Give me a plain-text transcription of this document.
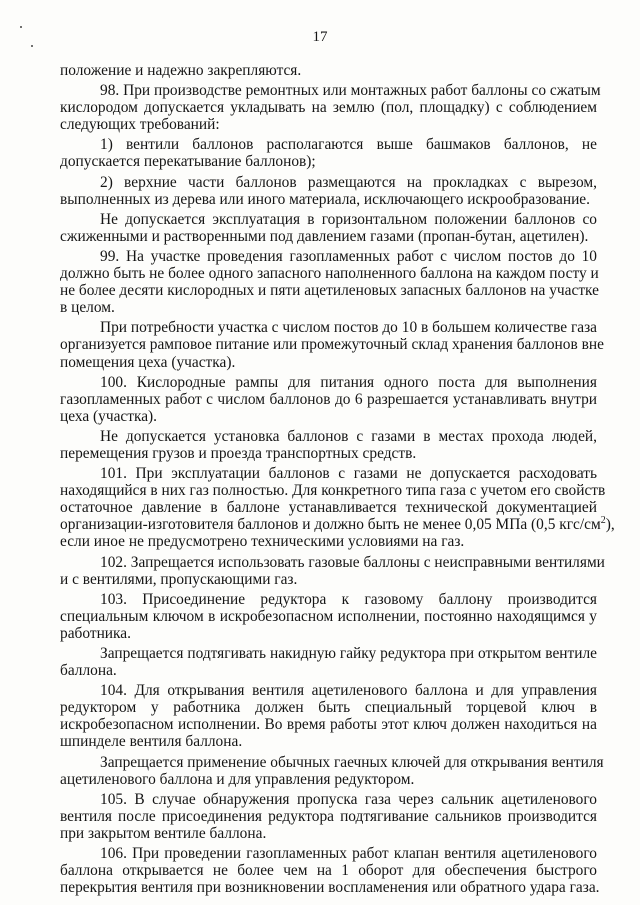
17
положение и надежно закрепляются.
98. При производстве ремонтных или монтажных работ баллоны со сжатым
кислородом допускается укладывать на землю (пол, площадку) с соблюдением
следующих требований:
1) вентили баллонов располагаются выше башмаков баллонов, не
допускается перекатывание баллонов);
2) верхние части баллонов размещаются на прокладках с вырезом,
выполненных из дерева или иного материала, исключающего искрообразование.
Не допускается эксплуатация в горизонтальном положении баллонов со
сжиженными и растворенными под давлением газами (пропан-бутан, ацетилен).
99. На участке проведения газопламенных работ с числом постов до 10
должно быть не более одного запасного наполненного баллона на каждом посту и
не более десяти кислородных и пяти ацетиленовых запасных баллонов на участке
в целом.
При потребности участка с числом постов до 10 в большем количестве газа
организуется рамповое питание или промежуточный склад хранения баллонов вне
помещения цеха (участка).
100. Кислородные рампы для питания одного поста для выполнения
газопламенных работ с числом баллонов до 6 разрешается устанавливать внутри
цеха (участка).
Не допускается установка баллонов с газами в местах прохода людей,
перемещения грузов и проезда транспортных средств.
101. При эксплуатации баллонов с газами не допускается расходовать
находящийся в них газ полностью. Для конкретного типа газа с учетом его свойств
остаточное давление в баллоне устанавливается технической документацией
организации-изготовителя баллонов и должно быть не менее 0,05 МПа (0,5 кгс/$см^2$),
если иное не предусмотрено техническими условиями на газ.
102. Запрещается использовать газовые баллоны с неисправными вентилями
и с вентилями, пропускающими газ.
103. Присоединение редуктора к газовому баллону производится
специальным ключом в искробезопасном исполнении, постоянно находящимся у
работника.
Запрещается подтягивать накидную гайку редуктора при открытом вентиле
баллона.
104. Для открывания вентиля ацетиленового баллона и для управления
редуктором у работника должен быть специальный торцевой ключ в
искробезопасном исполнении. Во время работы этот ключ должен находиться на
шпинделе вентиля баллона.
Запрещается применение обычных гаечных ключей для открывания вентиля
ацетиленового баллона и для управления редуктором.
105. В случае обнаружения пропуска газа через сальник ацетиленового
вентиля после присоединения редуктора подтягивание сальников производится
при закрытом вентиле баллона.
106. При проведении газопламенных работ клапан вентиля ацетиленового
баллона открывается не более чем на 1 оборот для обеспечения быстрого
перекрытия вентиля при возникновении воспламенения или обратного удара газа.
